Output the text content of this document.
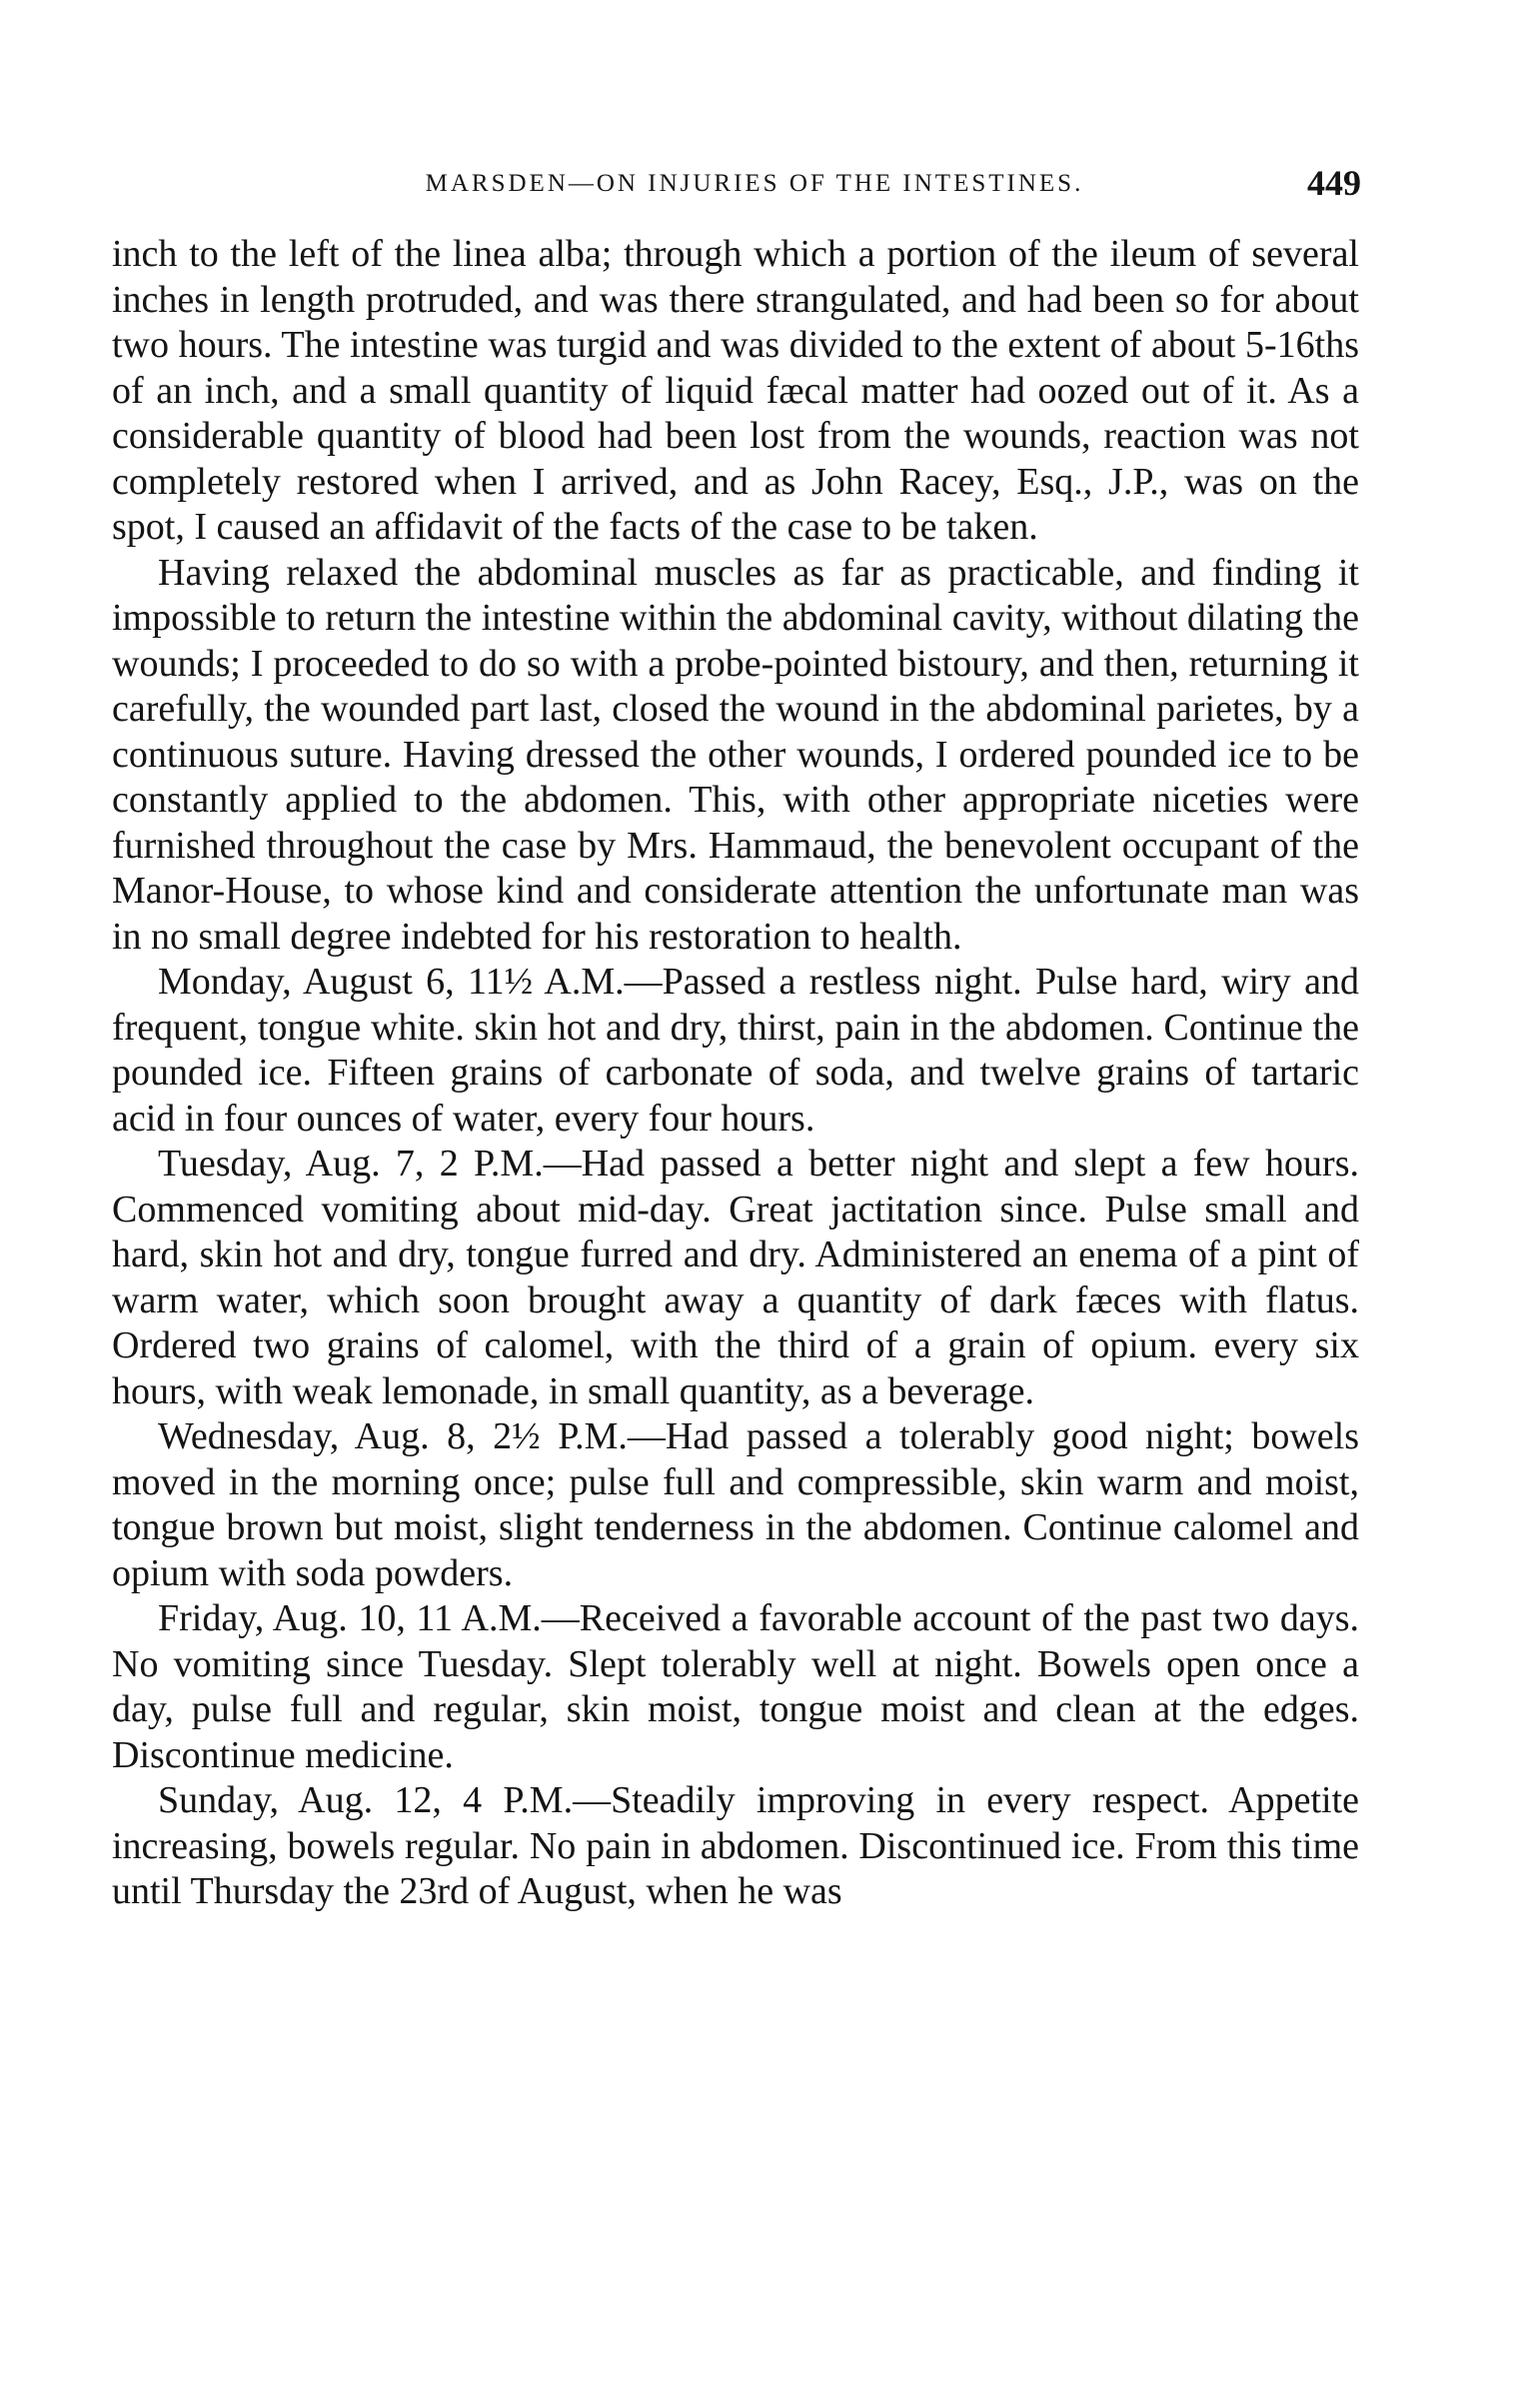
MARSDEN—ON INJURIES OF THE INTESTINES.	449

inch to the left of the linea alba; through which a portion of the ileum of several inches in length protruded, and was there strangulated, and had been so for about two hours. The intestine was turgid and was divided to the extent of about 5-16ths of an inch, and a small quantity of liquid fæcal matter had oozed out of it. As a considerable quantity of blood had been lost from the wounds, reaction was not completely restored when I arrived, and as John Racey, Esq., J.P., was on the spot, I caused an affidavit of the facts of the case to be taken.

Having relaxed the abdominal muscles as far as practicable, and finding it impossible to return the intestine within the abdominal cavity, without dilating the wounds; I proceeded to do so with a probe-pointed bistoury, and then, returning it carefully, the wounded part last, closed the wound in the abdominal parietes, by a continuous suture. Having dressed the other wounds, I ordered pounded ice to be constantly applied to the abdomen. This, with other appropriate niceties were furnished throughout the case by Mrs. Hammaud, the benevolent occupant of the Manor-House, to whose kind and considerate attention the unfortunate man was in no small degree indebted for his restoration to health.

Monday, August 6, 11½ A.M.—Passed a restless night. Pulse hard, wiry and frequent, tongue white. skin hot and dry, thirst, pain in the abdomen. Continue the pounded ice. Fifteen grains of carbonate of soda, and twelve grains of tartaric acid in four ounces of water, every four hours.

Tuesday, Aug. 7, 2 P.M.—Had passed a better night and slept a few hours. Commenced vomiting about mid-day. Great jactitation since. Pulse small and hard, skin hot and dry, tongue furred and dry. Administered an enema of a pint of warm water, which soon brought away a quantity of dark fæces with flatus. Ordered two grains of calomel, with the third of a grain of opium. every six hours, with weak lemonade, in small quantity, as a beverage.

Wednesday, Aug. 8, 2½ P.M.—Had passed a tolerably good night; bowels moved in the morning once; pulse full and compressible, skin warm and moist, tongue brown but moist, slight tenderness in the abdomen. Continue calomel and opium with soda powders.

Friday, Aug. 10, 11 A.M.—Received a favorable account of the past two days. No vomiting since Tuesday. Slept tolerably well at night. Bowels open once a day, pulse full and regular, skin moist, tongue moist and clean at the edges. Discontinue medicine.

Sunday, Aug. 12, 4 P.M.—Steadily improving in every respect. Appetite increasing, bowels regular. No pain in abdomen. Discontinued ice. From this time until Thursday the 23rd of August, when he was
